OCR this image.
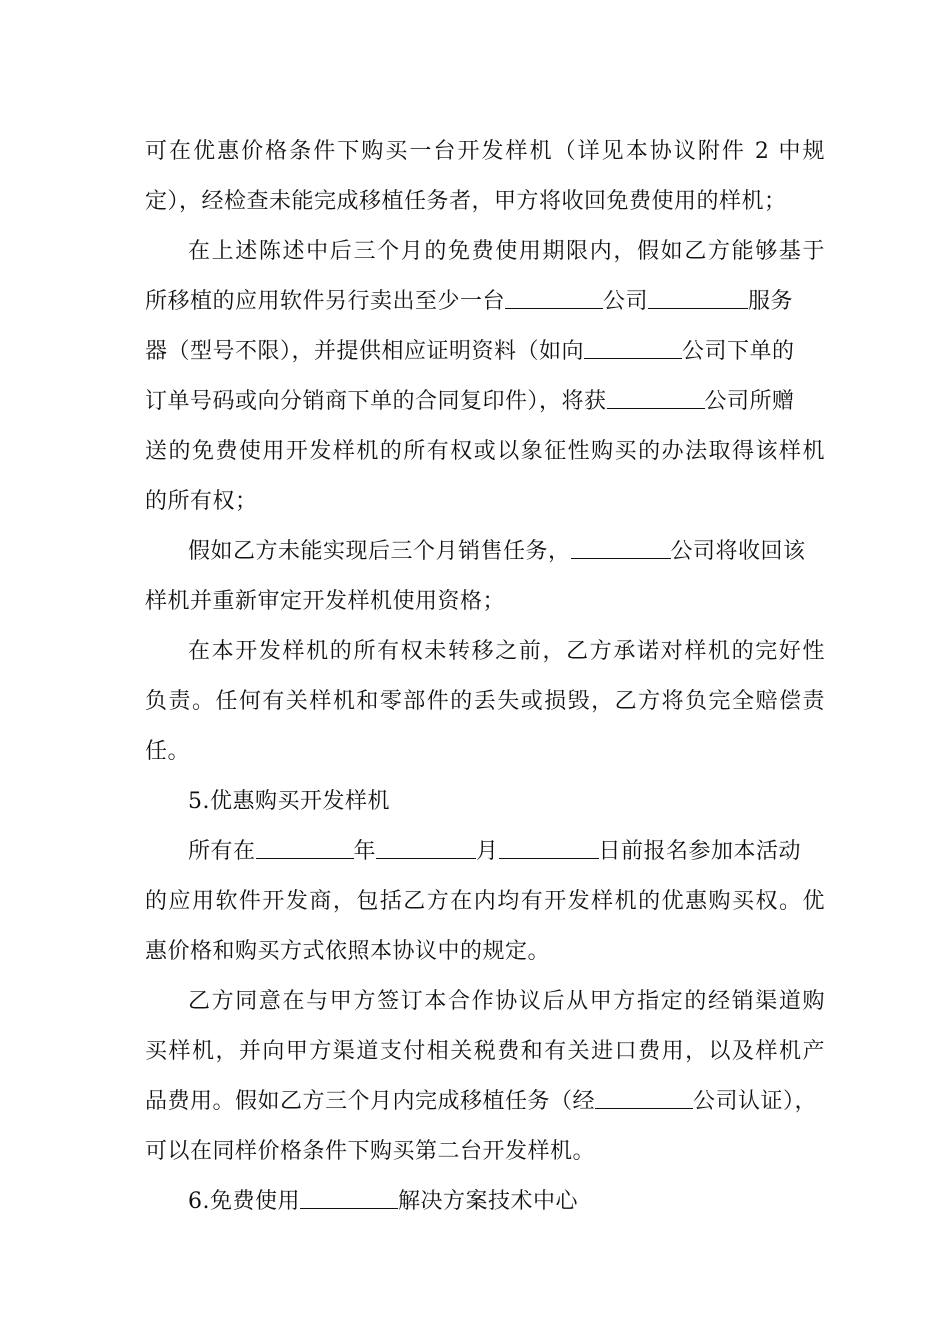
可在优惠价格条件下购买一台开发样机（详见本协议附件 2 中规
定），经检查未能完成移植任务者，甲方将收回免费使用的样机；
在上述陈述中后三个月的免费使用期限内，假如乙方能够基于
所移植的应用软件另行卖出至少一台	公司	服务
器（型号不限），并提供相应证明资料（如向	公司下单的
订单号码或向分销商下单的合同复印件），将获	公司所赠
送的免费使用开发样机的所有权或以象征性购买的办法取得该样机
的所有权；
假如乙方未能实现后三个月销售任务，	公司将收回该
样机并重新审定开发样机使用资格；
在本开发样机的所有权未转移之前，乙方承诺对样机的完好性
负责。任何有关样机和零部件的丢失或损毁，乙方将负完全赔偿责
任。
5.优惠购买开发样机
所有在	年	月	日前报名参加本活动
的应用软件开发商，包括乙方在内均有开发样机的优惠购买权。优
惠价格和购买方式依照本协议中的规定。
乙方同意在与甲方签订本合作协议后从甲方指定的经销渠道购
买样机，并向甲方渠道支付相关税费和有关进口费用，以及样机产
品费用。假如乙方三个月内完成移植任务（经	公司认证），
可以在同样价格条件下购买第二台开发样机。
6.免费使用	解决方案技术中心
